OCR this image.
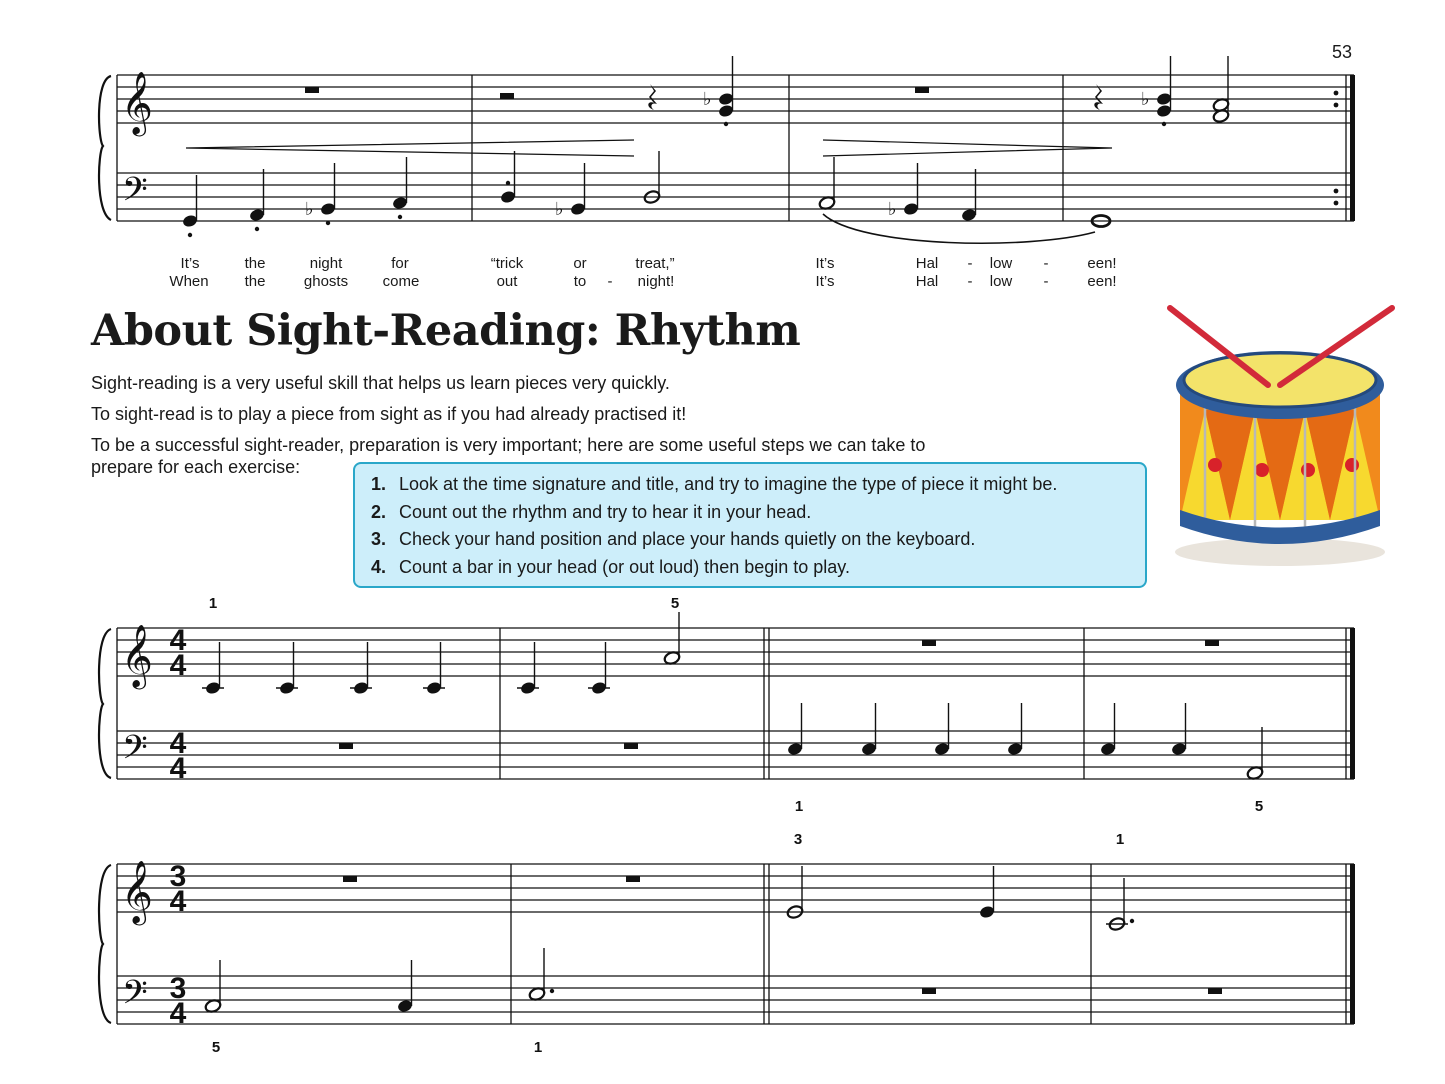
53
𝄞
𝄢
♭	♭
♭	♭	♭
It’s	the	night	for	“trick	or	treat,”	It’s	Hal - low -	een!
When the	ghosts come	out	to - night!	It’s	Hal - low -	een!
About Sight-Reading: Rhythm

Sight-reading is a very useful skill that helps us learn pieces very quickly.

To sight-read is to play a piece from sight as if you had already practised it!

To be a successful sight-reader, preparation is very important; here are some useful steps we can take to

prepare for each exercise:

1. Look at the time signature and title, and try to imagine the type of piece it might be.
2. Count out the rhythm and try to hear it in your head.
3. Check your hand position and place your hands quietly on the keyboard.
4. Count a bar in your head (or out loud) then begin to play.
1	5
1	5
𝄞
𝄢
4
4
4
4
3	1
5	1
𝄞
𝄢
3
4
3
4
